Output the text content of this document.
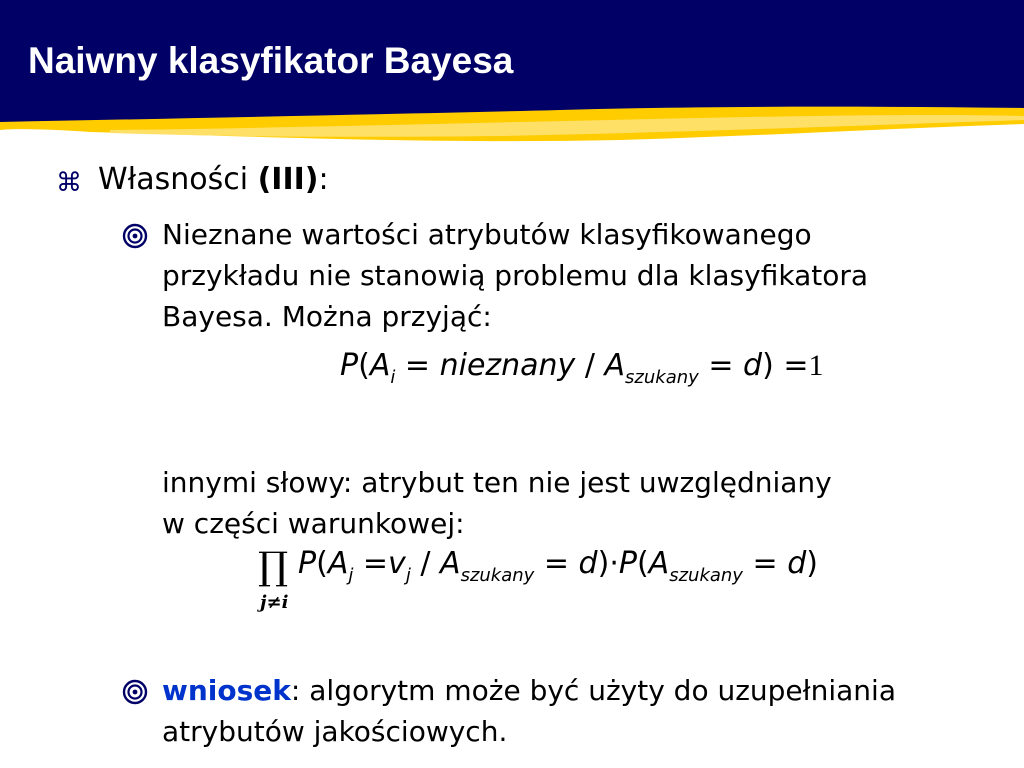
Naiwny klasyfikator Bayesa
⌘ Własności (III):
Nieznane wartości atrybutów klasyfikowanego
przykładu nie stanowią problemu dla klasyfikatora
Bayesa. Można przyjąć:
$P(A_i$ = nieznany / $A_{szukany} = d) =1$
innymi słowy: atrybut ten nie jest uwzględniany
w części warunkowej:
∏
j≠i
$P(A_j =v_j / A_{szukany} = d)\cdot P(A_{szukany} = d)$
wniosek: algorytm może być użyty do uzupełniania
atrybutów jakościowych.
